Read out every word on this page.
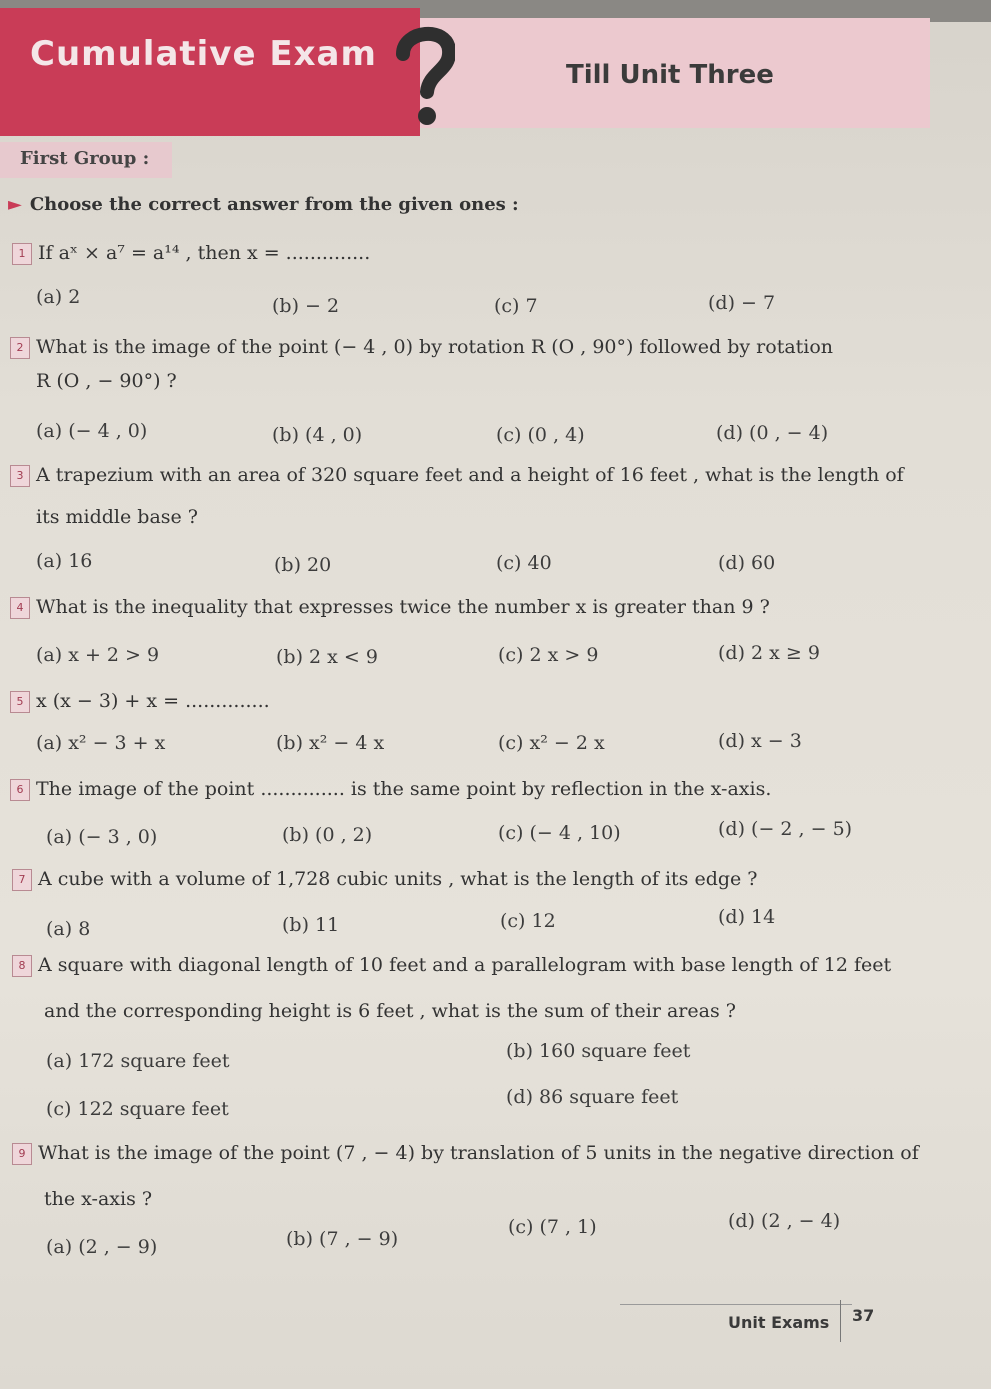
Cumulative Exam
Till Unit Three
First Group :
► Choose the correct answer from the given ones :
1 If aˣ × a⁷ = a¹⁴ , then x = ..............
(a) 2	(b) − 2	(c) 7	(d) − 7
2 What is the image of the point (− 4 , 0) by rotation R (O , 90°) followed by rotation
R (O , − 90°) ?
(a) (− 4 , 0)	(b) (4 , 0)	(c) (0 , 4)	(d) (0 , − 4)
3 A trapezium with an area of 320 square feet and a height of 16 feet , what is the length of
its middle base ?
(a) 16	(b) 20	(c) 40	(d) 60
4 What is the inequality that expresses twice the number x is greater than 9 ?
(a) x + 2 > 9	(b) 2 x < 9	(c) 2 x > 9	(d) 2 x ≥ 9
5 x (x − 3) + x = ..............
(a) x² − 3 + x	(b) x² − 4 x	(c) x² − 2 x	(d) x − 3
6 The image of the point .............. is the same point by reflection in the x-axis.
(a) (− 3 , 0)	(b) (0 , 2)	(c) (− 4 , 10)	(d) (− 2 , − 5)
7 A cube with a volume of 1,728 cubic units , what is the length of its edge ?
(a) 8	(b) 11	(c) 12	(d) 14
8 A square with diagonal length of 10 feet and a parallelogram with base length of 12 feet
and the corresponding height is 6 feet , what is the sum of their areas ?
(a) 172 square feet	(b) 160 square feet
(c) 122 square feet
(d) 86 square feet
9 What is the image of the point (7 , − 4) by translation of 5 units in the negative direction of
the x-axis ?
(a) (2 , − 9)	(b) (7 , − 9)
(c) (7 , 1)	(d) (2 , − 4)
Unit Exams 37
